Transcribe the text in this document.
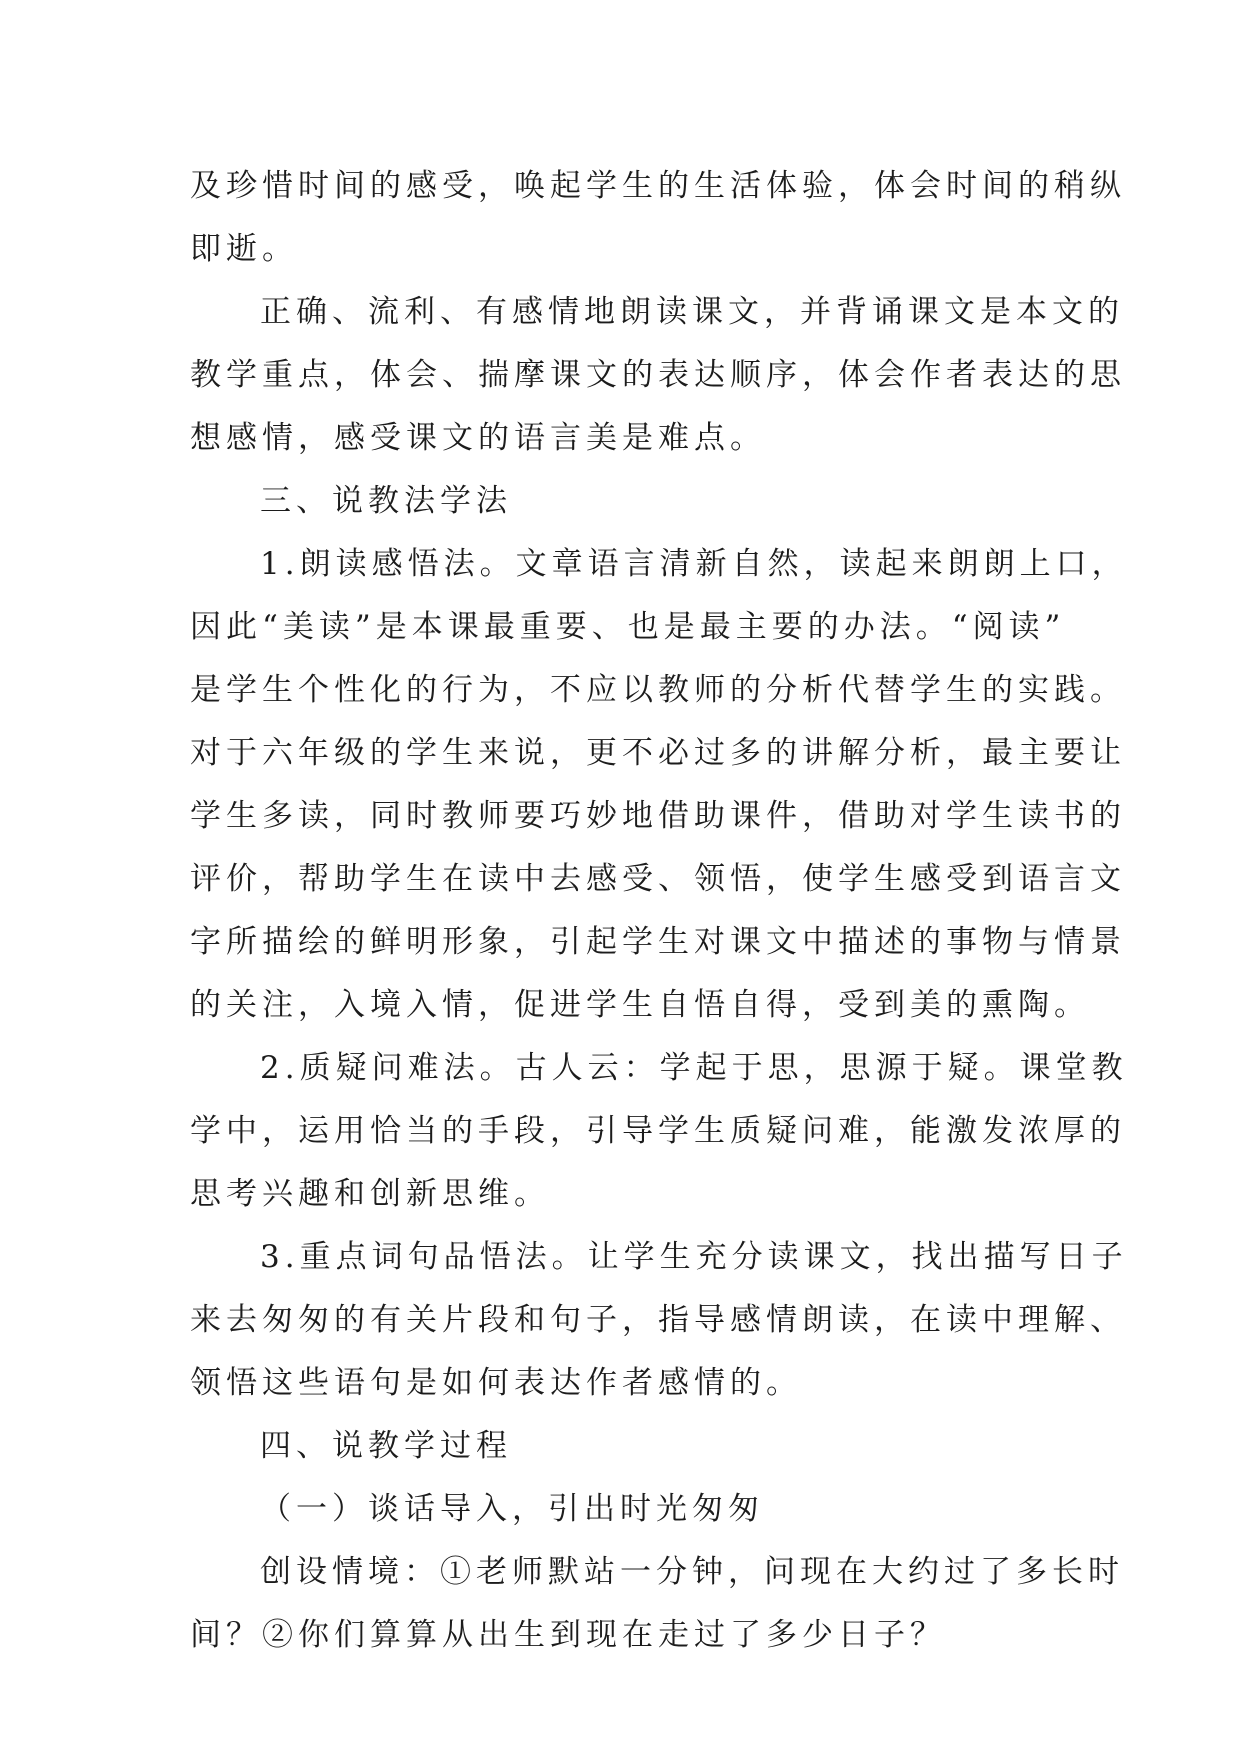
及珍惜时间的感受，唤起学生的生活体验，体会时间的稍纵
即逝。
正确、流利、有感情地朗读课文，并背诵课文是本文的
教学重点，体会、揣摩课文的表达顺序，体会作者表达的思
想感情，感受课文的语言美是难点。
三、说教法学法
1.朗读感悟法。文章语言清新自然，读起来朗朗上口，
因此“美读”是本课最重要、也是最主要的办法。“阅读”
是学生个性化的行为，不应以教师的分析代替学生的实践。
对于六年级的学生来说，更不必过多的讲解分析，最主要让
学生多读，同时教师要巧妙地借助课件，借助对学生读书的
评价，帮助学生在读中去感受、领悟，使学生感受到语言文
字所描绘的鲜明形象，引起学生对课文中描述的事物与情景
的关注，入境入情，促进学生自悟自得，受到美的熏陶。
2.质疑问难法。古人云：学起于思，思源于疑。课堂教
学中，运用恰当的手段，引导学生质疑问难，能激发浓厚的
思考兴趣和创新思维。
3.重点词句品悟法。让学生充分读课文，找出描写日子
来去匆匆的有关片段和句子，指导感情朗读，在读中理解、
领悟这些语句是如何表达作者感情的。
四、说教学过程
（一）谈话导入，引出时光匆匆
创设情境：①老师默站一分钟，问现在大约过了多长时
间？②你们算算从出生到现在走过了多少日子？
